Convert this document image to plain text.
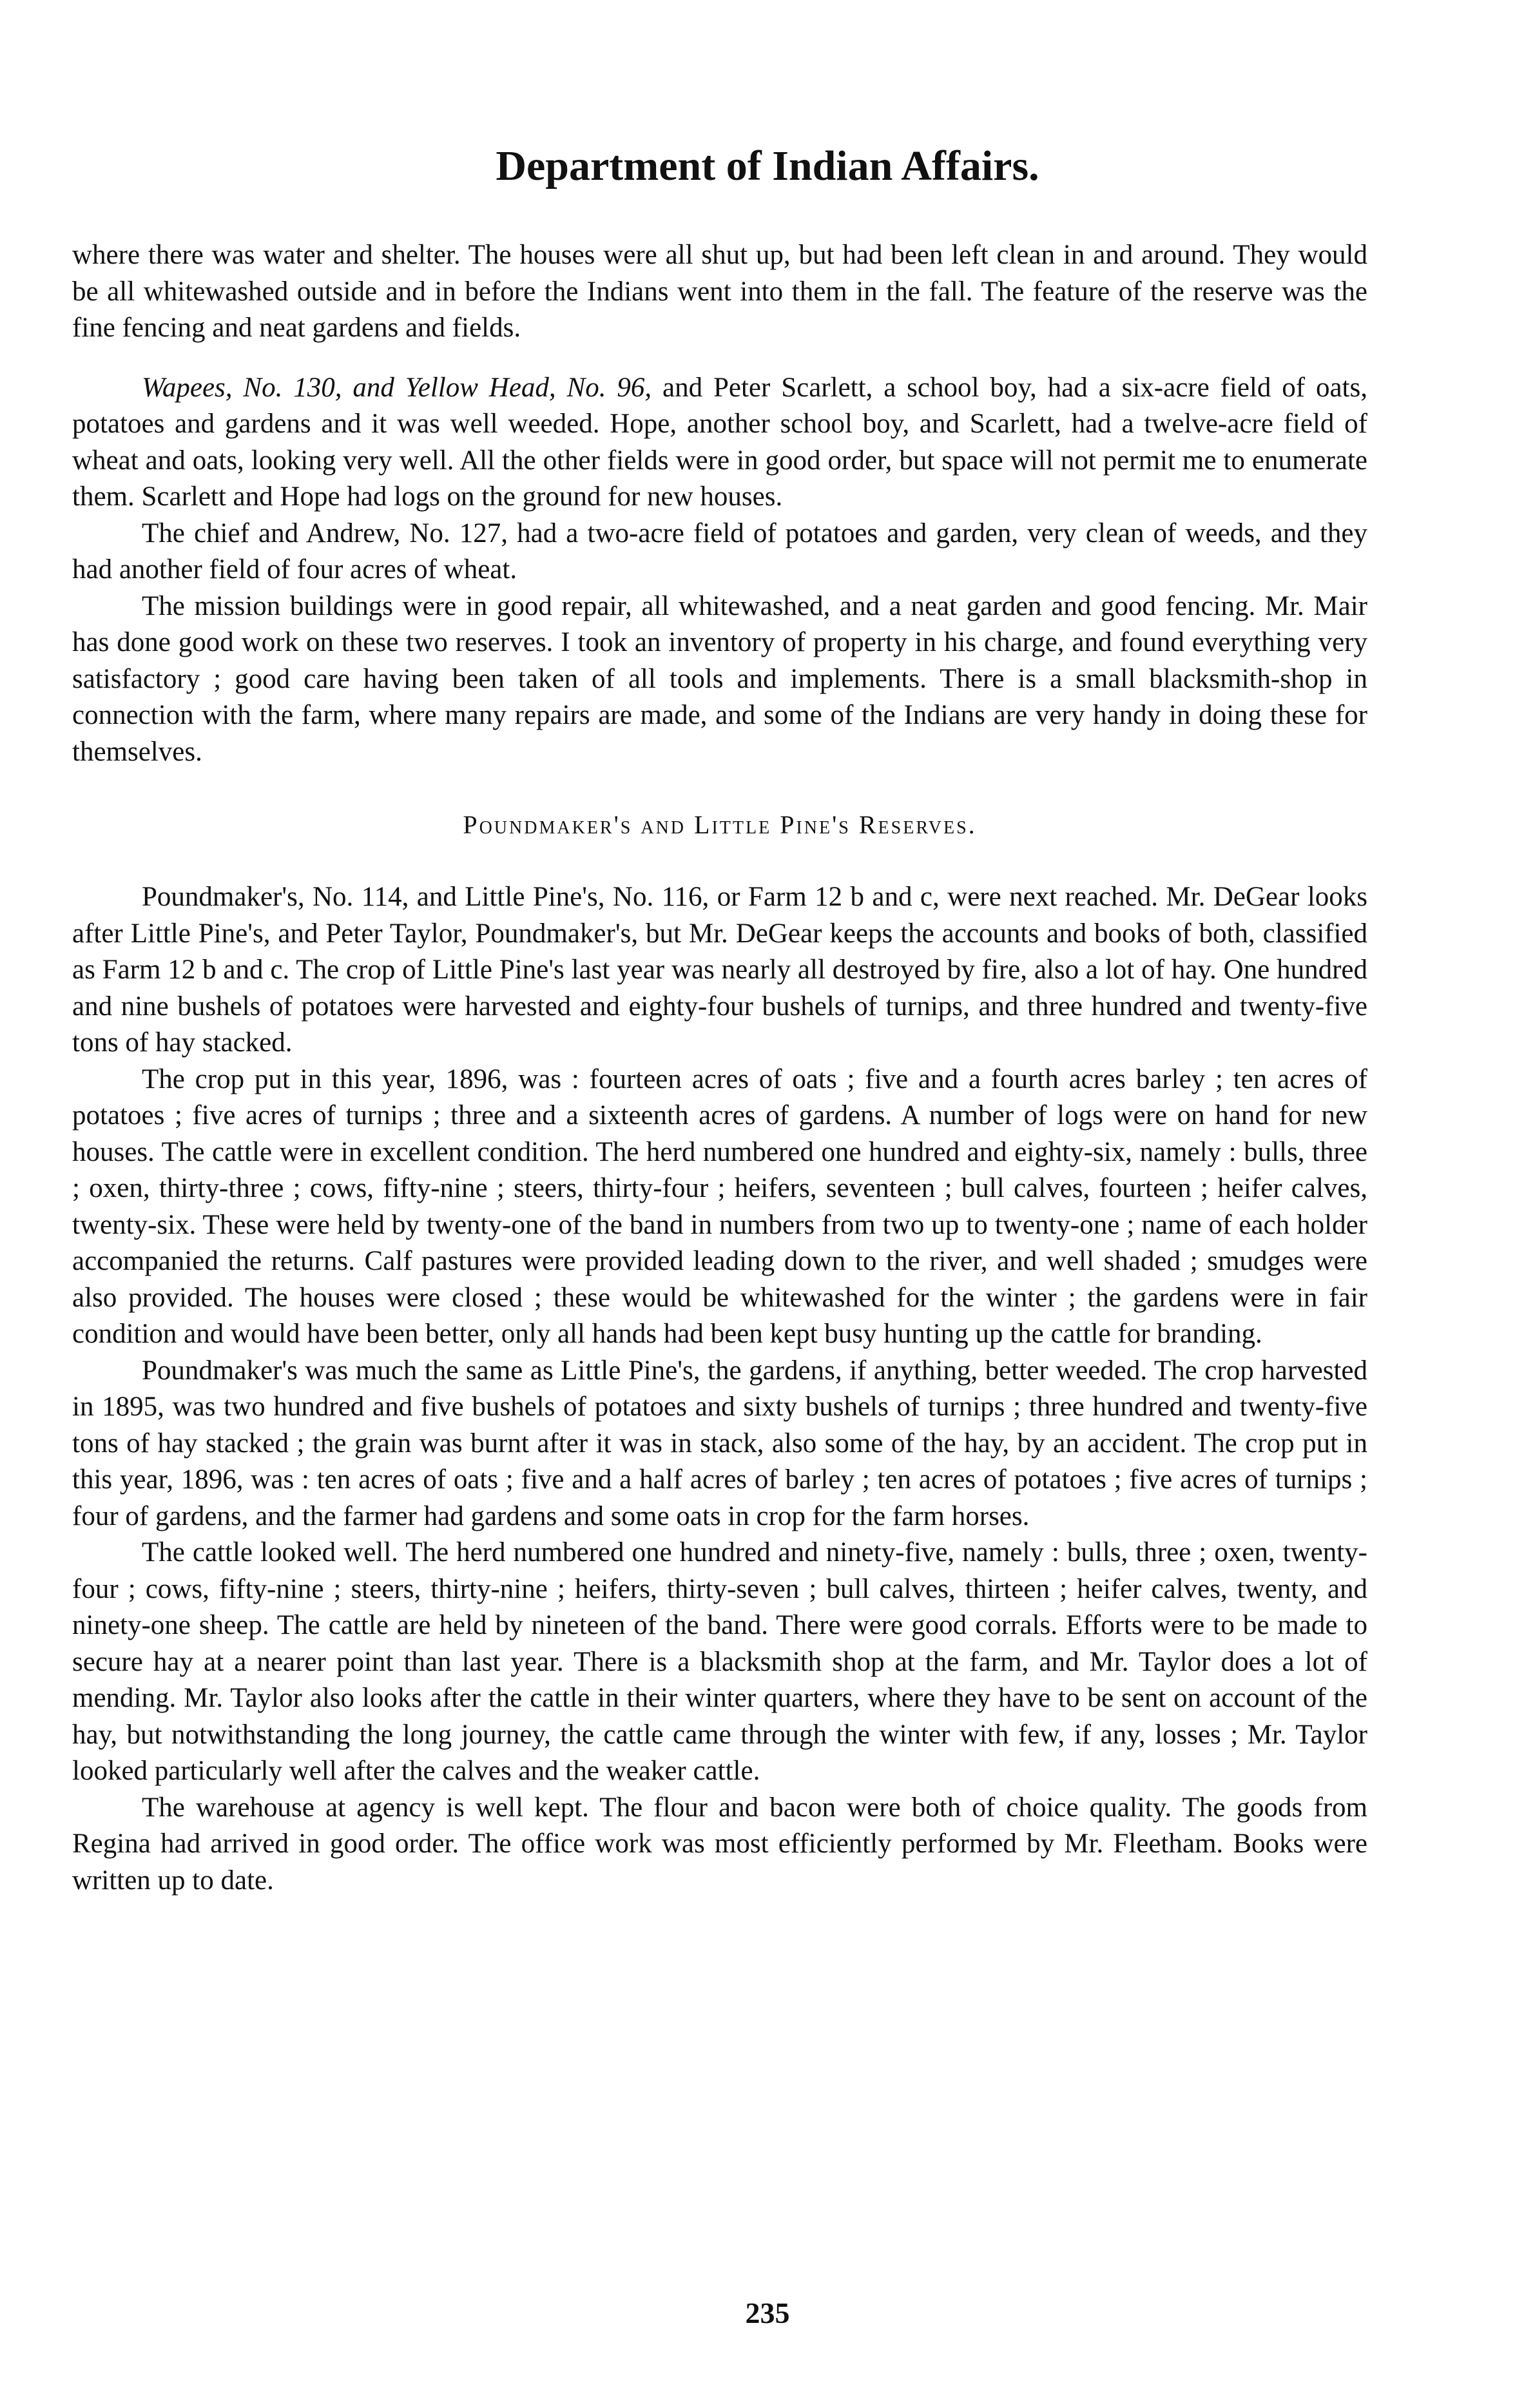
Department of Indian Affairs.

where there was water and shelter. The houses were all shut up, but had been left clean in and around. They would be all whitewashed outside and in before the Indians went into them in the fall. The feature of the reserve was the fine fencing and neat gardens and fields.

Wapees, No. 130, and Yellow Head, No. 96, and Peter Scarlett, a school boy, had a six-acre field of oats, potatoes and gardens and it was well weeded. Hope, another school boy, and Scarlett, had a twelve-acre field of wheat and oats, looking very well. All the other fields were in good order, but space will not permit me to enumerate them. Scarlett and Hope had logs on the ground for new houses.

The chief and Andrew, No. 127, had a two-acre field of potatoes and garden, very clean of weeds, and they had another field of four acres of wheat.

The mission buildings were in good repair, all whitewashed, and a neat garden and good fencing. Mr. Mair has done good work on these two reserves. I took an inventory of property in his charge, and found everything very satisfactory ; good care having been taken of all tools and implements. There is a small blacksmith-shop in connection with the farm, where many repairs are made, and some of the Indians are very handy in doing these for themselves.

Poundmaker's and Little Pine's Reserves.

Poundmaker's, No. 114, and Little Pine's, No. 116, or Farm 12 b and c, were next reached. Mr. DeGear looks after Little Pine's, and Peter Taylor, Poundmaker's, but Mr. DeGear keeps the accounts and books of both, classified as Farm 12 b and c. The crop of Little Pine's last year was nearly all destroyed by fire, also a lot of hay. One hundred and nine bushels of potatoes were harvested and eighty-four bushels of turnips, and three hundred and twenty-five tons of hay stacked.

The crop put in this year, 1896, was : fourteen acres of oats ; five and a fourth acres barley ; ten acres of potatoes ; five acres of turnips ; three and a sixteenth acres of gardens. A number of logs were on hand for new houses. The cattle were in excellent condition. The herd numbered one hundred and eighty-six, namely : bulls, three ; oxen, thirty-three ; cows, fifty-nine ; steers, thirty-four ; heifers, seventeen ; bull calves, fourteen ; heifer calves, twenty-six. These were held by twenty-one of the band in numbers from two up to twenty-one ; name of each holder accompanied the returns. Calf pastures were provided leading down to the river, and well shaded ; smudges were also provided. The houses were closed ; these would be whitewashed for the winter ; the gardens were in fair condition and would have been better, only all hands had been kept busy hunting up the cattle for branding.

Poundmaker's was much the same as Little Pine's, the gardens, if anything, better weeded. The crop harvested in 1895, was two hundred and five bushels of potatoes and sixty bushels of turnips ; three hundred and twenty-five tons of hay stacked ; the grain was burnt after it was in stack, also some of the hay, by an accident. The crop put in this year, 1896, was : ten acres of oats ; five and a half acres of barley ; ten acres of potatoes ; five acres of turnips ; four of gardens, and the farmer had gardens and some oats in crop for the farm horses.

The cattle looked well. The herd numbered one hundred and ninety-five, namely : bulls, three ; oxen, twenty-four ; cows, fifty-nine ; steers, thirty-nine ; heifers, thirty-seven ; bull calves, thirteen ; heifer calves, twenty, and ninety-one sheep. The cattle are held by nineteen of the band. There were good corrals. Efforts were to be made to secure hay at a nearer point than last year. There is a blacksmith shop at the farm, and Mr. Taylor does a lot of mending. Mr. Taylor also looks after the cattle in their winter quarters, where they have to be sent on account of the hay, but notwithstanding the long journey, the cattle came through the winter with few, if any, losses ; Mr. Taylor looked particularly well after the calves and the weaker cattle.

The warehouse at agency is well kept. The flour and bacon were both of choice quality. The goods from Regina had arrived in good order. The office work was most efficiently performed by Mr. Fleetham. Books were written up to date.

235
